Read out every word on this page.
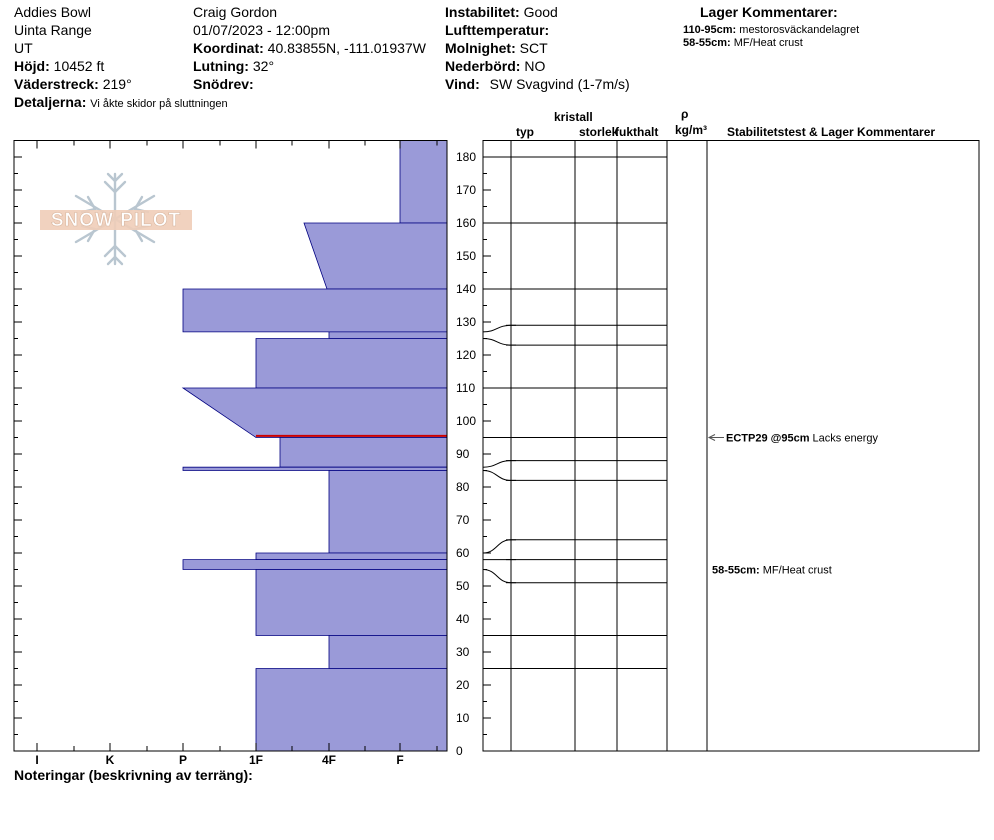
Addies Bowl
Uinta Range
UT
Höjd: 10452 ft
Väderstreck: 219°
Detaljerna: Vi åkte skidor på sluttningen
Craig Gordon
01/07/2023 - 12:00pm
Koordinat: 40.83855N, -111.01937W
Lutning: 32°
Snödrev:
Instabilitet: Good
Lufttemperatur:
Molnighet: SCT
Nederbörd: NO
Vind: SW Svagvind (1-7m/s)
Lager Kommentarer:
110-95cm: mestorosväckandelagret
58-55cm: MF/Heat crust
kristall
typ	storlek
fukthalt
ρ
kg/m³ Stabilitetstest & Lager Kommentarer
Noteringar (beskrivning av terräng):
SNOW PILOT
I	K	P	1F	4F	F
0
10
20
30
40
50
60
70
80
90
100
110
120
130
140
150
160
170
180
ECTP29 @95cm Lacks energy
58-55cm: MF/Heat crust
